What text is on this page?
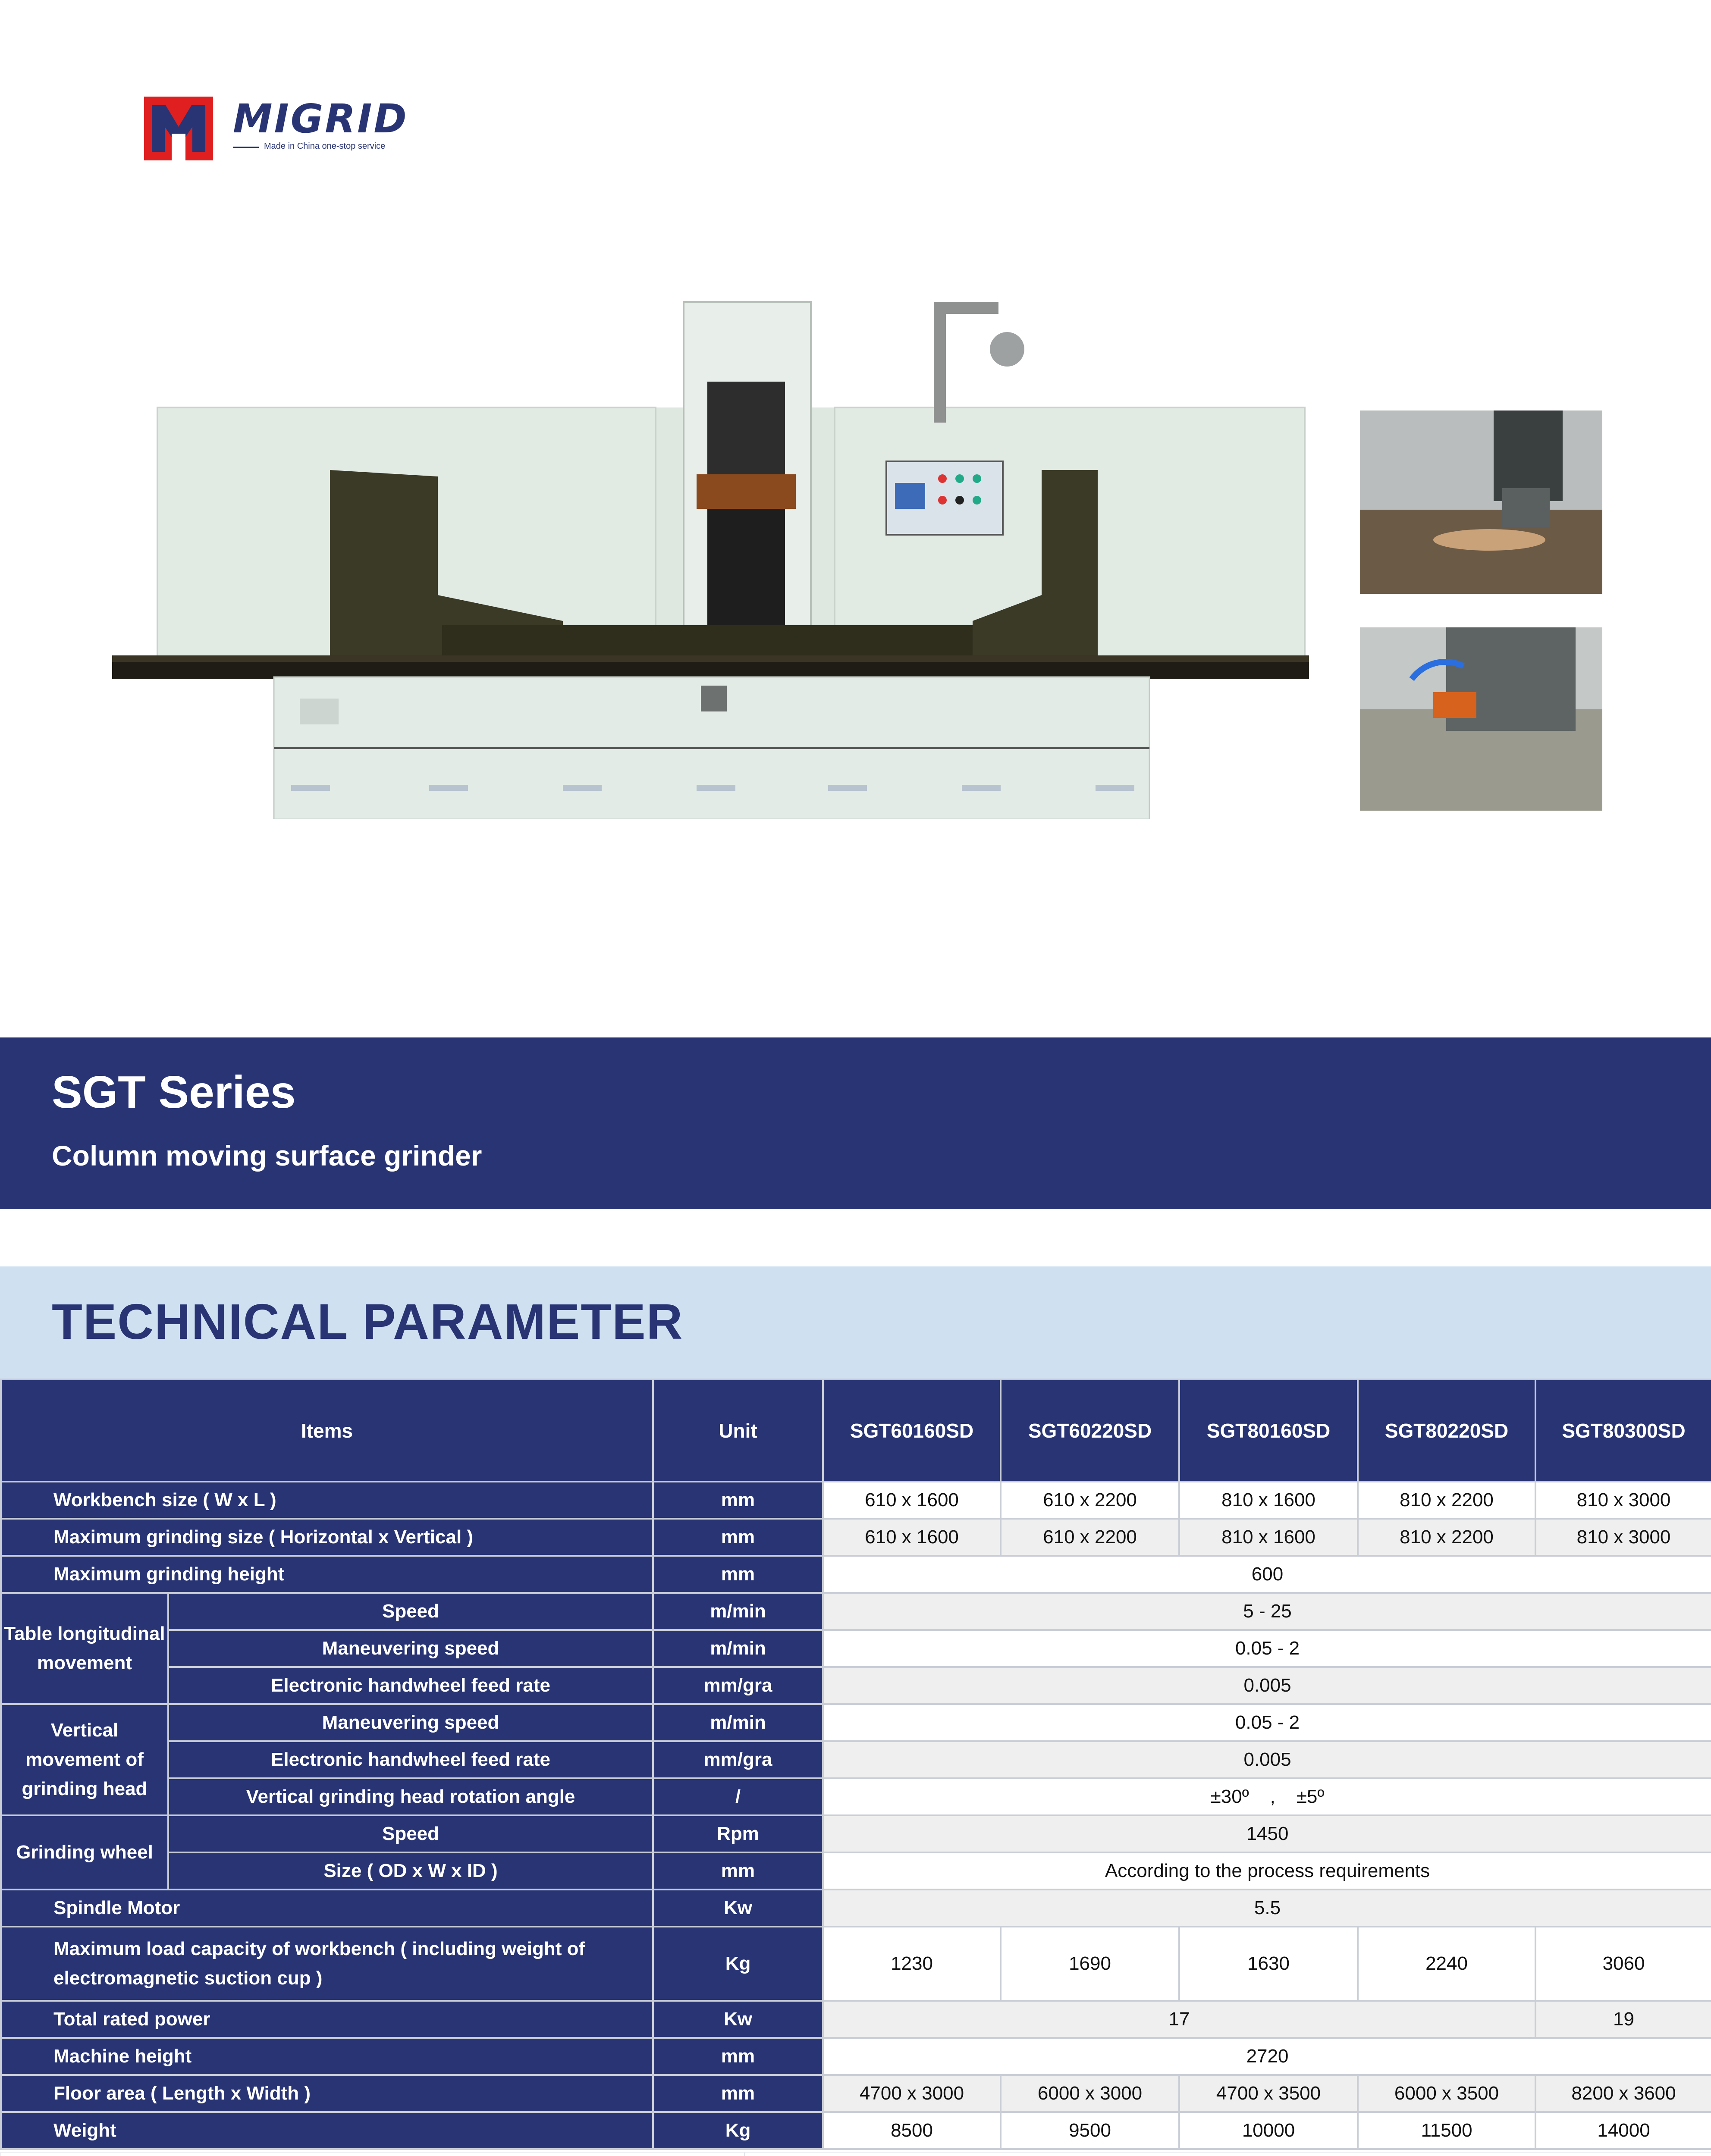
MIGRID
Made in China one-stop service
SGT Series
Column moving surface grinder
TECHNICAL PARAMETER
Items		Unit	SGT60160SD	SGT60220SD	SGT80160SD	SGT80220SD	SGT80300SD
Workbench size ( W x L )		mm	610 x 1600	610 x 2200	810 x 1600	810 x 2200	810 x 3000
Maximum grinding size ( Horizontal x Vertical )		mm	610 x 1600	610 x 2200	810 x 1600	810 x 2200	810 x 3000
Maximum grinding height		mm	600				
Table longitudinal movement	Speed	m/min	5 - 25				
	Maneuvering speed	m/min	0.05 - 2				
	Electronic handwheel feed rate	mm/gra	0.005				
Vertical movement of grinding head	Maneuvering speed	m/min	0.05 - 2				
	Electronic handwheel feed rate	mm/gra	0.005				
	Vertical grinding head rotation angle	/	±30º    ,    ±5º				
Grinding wheel	Speed	Rpm	1450				
	Size ( OD x W x ID )	mm	According to the process requirements				
Spindle Motor		Kw	5.5				
Maximum load capacity of workbench ( including weight of electromagnetic suction cup )		Kg	1230	1690	1630	2240	3060
Total rated power		Kw	17				19
Machine height		mm	2720				
Floor area ( Length x Width )		mm	4700 x 3000	6000 x 3000	4700 x 3500	6000 x 3500	8200 x 3600
Weight		Kg	8500	9500	10000	11500	14000
